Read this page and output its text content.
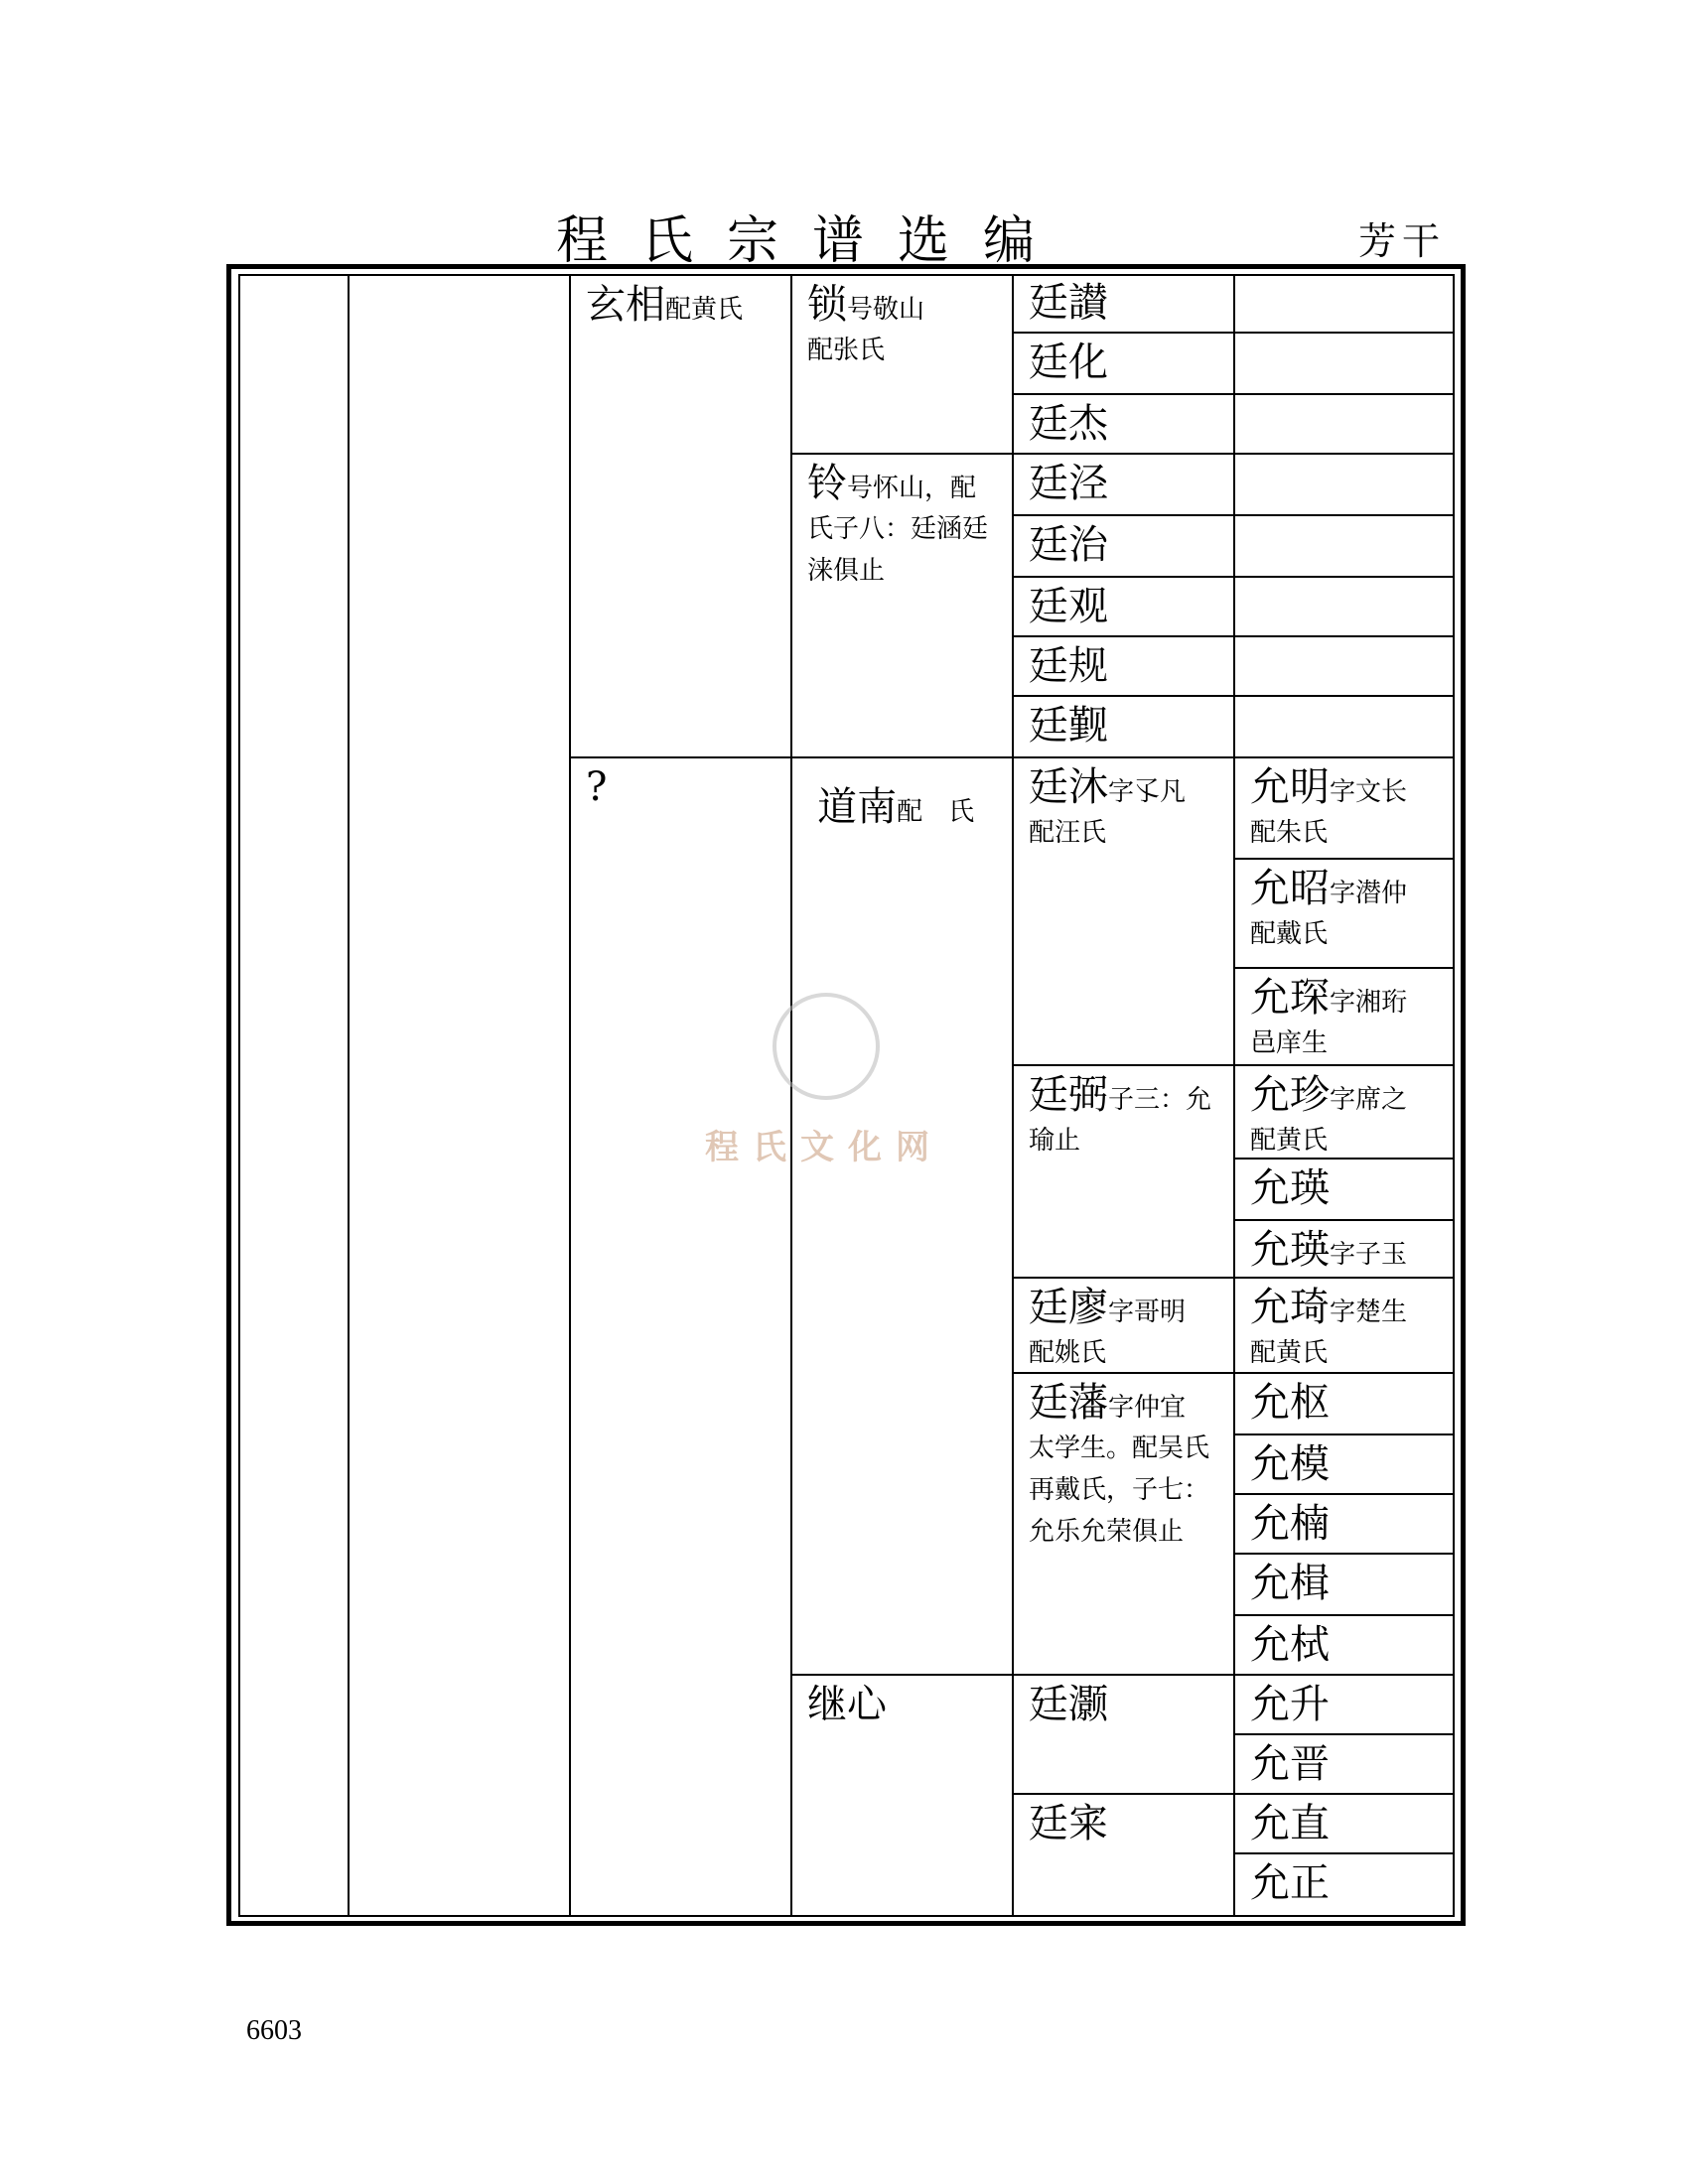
程氏宗谱选编	芳干
6603
玄相配黄氏
?
锁号敬山
配张氏
铃号怀山，配
氏子八：廷涵廷
涞俱止

道南配　氏

继心
廷讃
廷化
廷杰
廷泾
廷治
廷观
廷规
廷觐
廷沐字孓凡
配汪氏
廷弼子三：允
瑜止
廷廖字哥明
配姚氏
廷藩字仲宜
太学生。配吴氏
再戴氏，子七：
允乐允荣俱止
廷灏
廷宷
允明字文长
配朱氏
允昭字潜仲
配戴氏
允琛字湘珩
邑庠生
允珍字席之
配黄氏
允瑛
允瑛字子玉
允琦字楚生
配黄氏
允枢
允模
允楠
允楫
允栻
允升
允晋
允直
允正
程氏文化网
